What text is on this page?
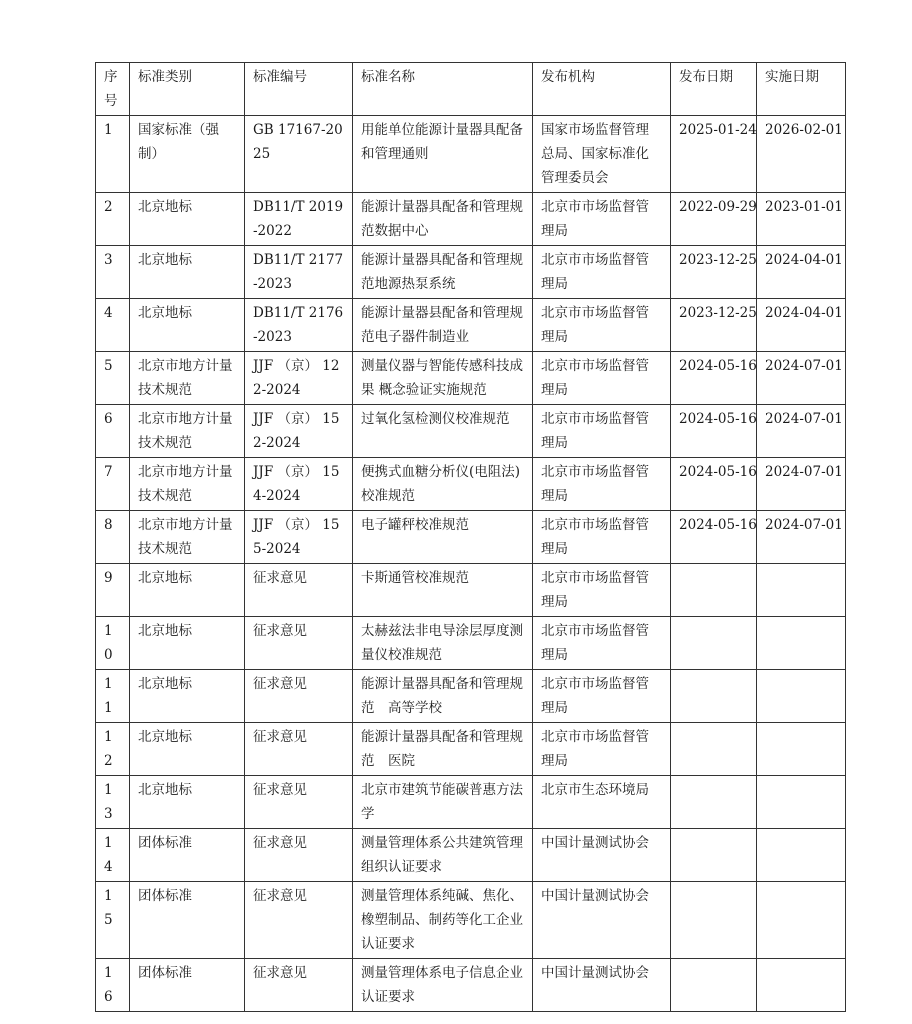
序号	标准类别	标准编号	标准名称	发布机构	发布日期	实施日期
1	国家标准（强制）	GB 17167-2025	用能单位能源计量器具配备和管理通则	国家市场监督管理总局、国家标准化管理委员会	2025-01-24	2026-02-01
2	北京地标	DB11/T 2019-2022	能源计量器具配备和管理规范数据中心	北京市市场监督管理局	2022-09-29	2023-01-01
3	北京地标	DB11/T 2177-2023	能源计量器具配备和管理规范地源热泵系统	北京市市场监督管理局	2023-12-25	2024-04-01
4	北京地标	DB11/T 2176-2023	能源计量器县配备和管理规范电子器件制造业	北京市市场监督管理局	2023-12-25	2024-04-01
5	北京市地方计量技术规范	JJF （京） 122-2024	测量仪器与智能传感科技成果 概念验证实施规范	北京市市场监督管理局	2024-05-16	2024-07-01
6	北京市地方计量技术规范	JJF （京） 152-2024	过氧化氢检测仪校准规范	北京市市场监督管理局	2024-05-16	2024-07-01
7	北京市地方计量技术规范	JJF （京） 154-2024	便携式血糖分析仪(电阻法)校准规范	北京市市场监督管理局	2024-05-16	2024-07-01
8	北京市地方计量技术规范	JJF （京） 155-2024	电子罐秤校准规范	北京市市场监督管理局	2024-05-16	2024-07-01
9	北京地标	征求意见	卡斯通管校准规范	北京市市场监督管理局		
10	北京地标	征求意见	太赫兹法非电导涂层厚度测量仪校准规范	北京市市场监督管理局		
11	北京地标	征求意见	能源计量器具配备和管理规范　高等学校	北京市市场监督管理局		
12	北京地标	征求意见	能源计量器具配备和管理规范　医院	北京市市场监督管理局		
13	北京地标	征求意见	北京市建筑节能碳普惠方法学	北京市生态环境局		
14	团体标准	征求意见	测量管理体系公共建筑管理组织认证要求	中国计量测试协会		
15	团体标准	征求意见	测量管理体系纯碱、焦化、橡塑制品、制药等化工企业认证要求	中国计量测试协会		
16	团体标准	征求意见	测量管理体系电子信息企业认证要求	中国计量测试协会		
